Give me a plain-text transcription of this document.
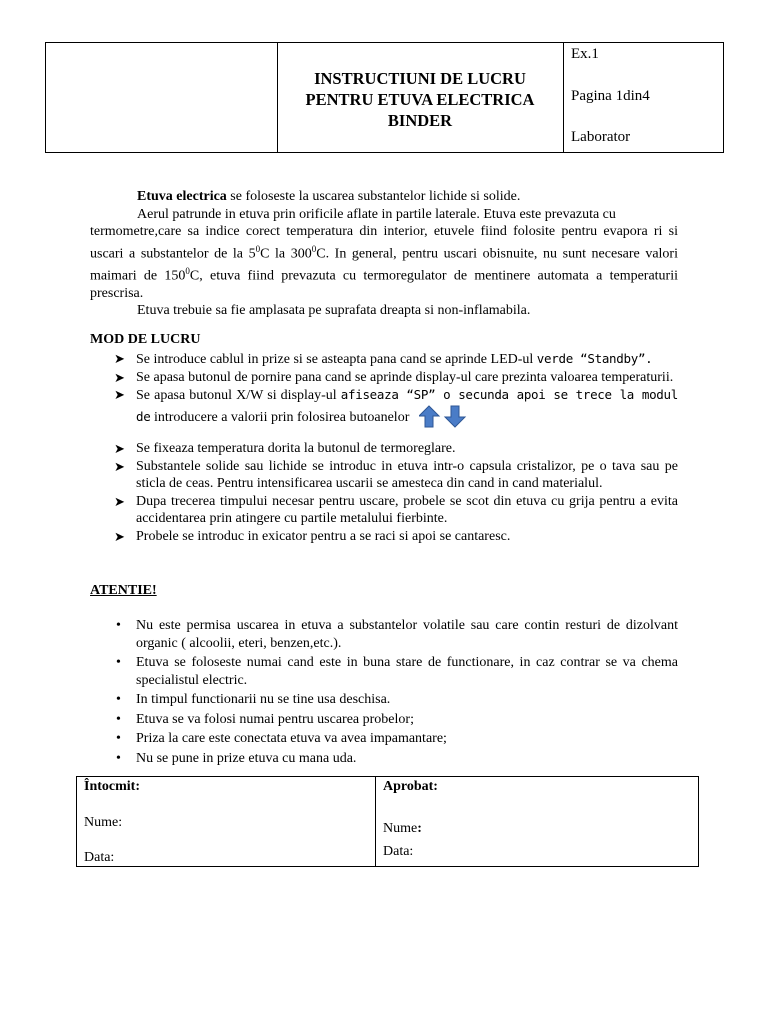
INSTRUCTIUNI DE LUCRU
PENTRU ETUVA ELECTRICA
BINDER
Ex.1
Pagina 1din4
Laborator

Etuva electrica se foloseste la uscarea substantelor lichide si solide.

Aerul patrunde in etuva prin orificile aflate in partile laterale. Etuva este prevazuta cu

termometre,care sa indice corect temperatura din interior, etuvele fiind folosite pentru evapora ri si uscari a substantelor de la $5^0C$ la $300^0C$. In general, pentru uscari obisnuite, nu sunt necesare valori maimari de $150^0C$, etuva fiind prevazuta cu termoregulator de mentinere automata a temperaturii prescrisa.

Etuva trebuie sa fie amplasata pe suprafata dreapta si non-inflamabila.

MOD DE LUCRU
➤ Se introduce cablul in prize si se asteapta pana cand se aprinde LED-ul verde “Standby”.
➤ Se apasa butonul de pornire pana cand se aprinde display-ul care prezinta valoarea temperaturii.
➤ Se apasa butonul X/W si display-ul afiseaza “SP” o secunda apoi se trece la modul de introducere a valorii prin folosirea butoanelor
➤ Se fixeaza temperatura dorita la butonul de termoreglare.
➤ Substantele solide sau lichide se introduc in etuva intr-o capsula cristalizor, pe o tava sau pe sticla de ceas. Pentru intensificarea uscarii se amesteca din cand in cand materialul.
➤ Dupa trecerea timpului necesar pentru uscare, probele se scot din etuva cu grija pentru a evita accidentarea prin atingere cu partile metalului fierbinte.
➤ Probele se introduc in exicator pentru a se raci si apoi se cantaresc.
ATENTIE!
• Nu este permisa uscarea in etuva a substantelor volatile sau care contin resturi de dizolvant organic ( alcoolii, eteri, benzen,etc.).
• Etuva se foloseste numai cand este in buna stare de functionare, in caz contrar se va chema specialistul electric.
• In timpul functionarii nu se tine usa deschisa.
• Etuva se va folosi numai pentru uscarea probelor;
• Priza la care este conectata etuva va avea impamantare;
• Nu se pune in prize etuva cu mana uda.
Întocmit:
Nume:
Data:
Aprobat:
Nume:
Data:
